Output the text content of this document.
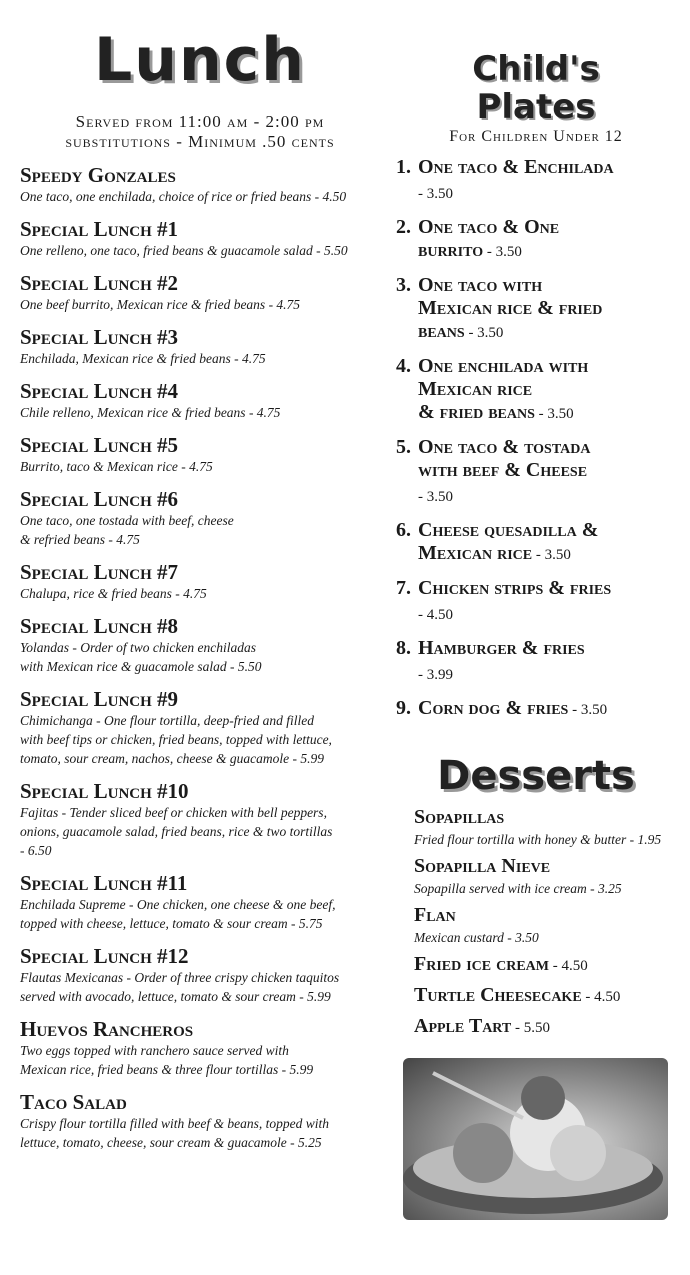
Lunch
Served from 11:00 am - 2:00 pm
substitutions - Minimum .50 cents
Speedy Gonzales
One taco, one enchilada, choice of rice or fried beans - 4.50
Special Lunch #1
One relleno, one taco, fried beans & guacamole salad - 5.50
Special Lunch #2
One beef burrito, Mexican rice & fried beans - 4.75
Special Lunch #3
Enchilada, Mexican rice & fried beans - 4.75
Special Lunch #4
Chile relleno, Mexican rice & fried beans - 4.75
Special Lunch #5
Burrito, taco & Mexican rice - 4.75
Special Lunch #6
One taco, one tostada with beef, cheese
& refried beans - 4.75
Special Lunch #7
Chalupa, rice & fried beans - 4.75
Special Lunch #8
Yolandas - Order of two chicken enchiladas
with Mexican rice & guacamole salad - 5.50
Special Lunch #9
Chimichanga - One flour tortilla, deep-fried and filled
with beef tips or chicken, fried beans, topped with lettuce,
tomato, sour cream, nachos, cheese & guacamole - 5.99
Special Lunch #10
Fajitas - Tender sliced beef or chicken with bell peppers,
onions, guacamole salad, fried beans, rice & two tortillas
- 6.50
Special Lunch #11
Enchilada Supreme - One chicken, one cheese & one beef,
topped with cheese, lettuce, tomato & sour cream - 5.75
Special Lunch #12
Flautas Mexicanas - Order of three crispy chicken taquitos
served with avocado, lettuce, tomato & sour cream - 5.99
Huevos Rancheros
Two eggs topped with ranchero sauce served with
Mexican rice, fried beans & three flour tortillas - 5.99
Taco Salad
Crispy flour tortilla filled with beef & beans, topped with
lettuce, tomato, cheese, sour cream & guacamole - 5.25
Child's
Plates
For Children Under 12
1. One taco & Enchilada
- 3.50
2. One taco & One
burrito - 3.50
3. One taco with
Mexican rice & fried
beans - 3.50
4. One enchilada with
Mexican rice
& fried beans - 3.50
5. One taco & tostada
with beef & Cheese
- 3.50
6. Cheese quesadilla &
Mexican rice - 3.50
7. Chicken strips & fries
- 4.50
8. Hamburger & fries
- 3.99
9. Corn dog & fries - 3.50
Desserts
Sopapillas
Fried flour tortilla with honey & butter - 1.95
Sopapilla Nieve
Sopapilla served with ice cream - 3.25
Flan
Mexican custard - 3.50
Fried ice cream - 4.50
Turtle Cheesecake - 4.50
Apple Tart - 5.50
